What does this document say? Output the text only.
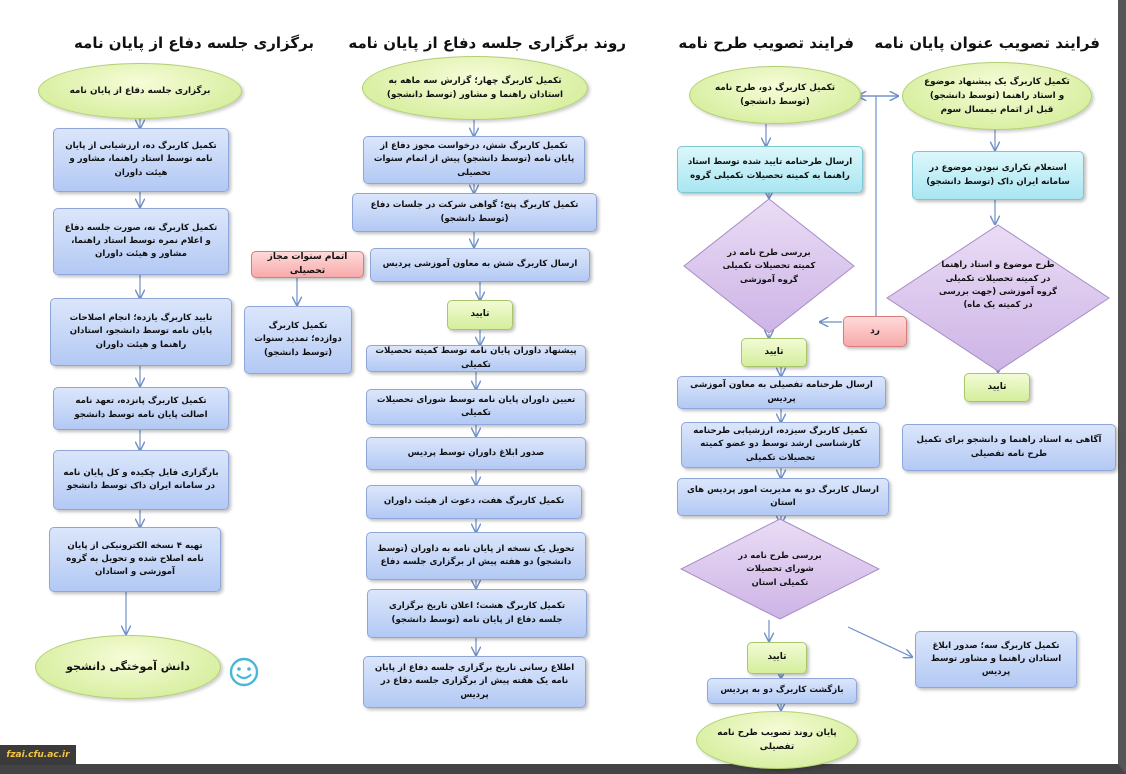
برگزاری جلسه دفاع از پایان نامه	روند برگزاری جلسه دفاع از پایان نامه	فرایند تصویب طرح نامه فرایند تصویب عنوان پایان نامه
برگزاری جلسه دفاع از پایان نامه
تکمیل کاربرگ ده، ارزشیابی از پایان نامه توسط استاد راهنما، مشاور و هیئت داوران
تکمیل کاربرگ نه، صورت جلسه دفاع و اعلام نمره توسط استاد راهنما، مشاور و هیئت داوران
تایید کاربرگ یازده؛ انجام اصلاحات پایان نامه توسط دانشجو، استادان راهنما و هیئت داوران
تکمیل کاربرگ پانزده، تعهد نامه اصالت پایان نامه توسط دانشجو
بارگزاری فایل چکیده و کل پایان نامه در سامانه ایران داک توسط دانشجو
تهیه ۴ نسخه الکترونیکی از پایان نامه اصلاح شده و تحویل به گروه آموزشی و استادان
دانش آموختگی دانشجو
تکمیل کاربرگ چهار؛ گزارش سه ماهه به استادان راهنما و مشاور (توسط دانشجو)
تکمیل کاربرگ شش، درخواست مجوز دفاع از پایان نامه (توسط دانشجو) پیش از اتمام سنوات تحصیلی
تکمیل کاربرگ پنج؛ گواهی شرکت در جلسات دفاع (توسط دانشجو)
ارسال کاربرگ شش به معاون آموزشی پردیس
تایید
پیشنهاد داوران پایان نامه توسط کمیته تحصیلات تکمیلی
تعیین داوران پایان نامه توسط شورای تحصیلات تکمیلی
صدور ابلاغ داوران توسط پردیس
تکمیل کاربرگ هفت، دعوت از هیئت داوران
تحویل یک نسخه از پایان نامه به داوران (توسط دانشجو) دو هفته پیش از برگزاری جلسه دفاع
تکمیل کاربرگ هشت؛ اعلان تاریخ برگزاری جلسه دفاع از پایان نامه (توسط دانشجو)
اطلاع رسانی تاریخ برگزاری جلسه دفاع از پایان نامه یک هفته پیش از برگزاری جلسه دفاع در پردیس
اتمام سنوات مجاز تحصیلی
تکمیل کاربرگ دوازده؛ تمدید سنوات (توسط دانشجو)
تکمیل کاربرگ دو، طرح نامه (توسط دانشجو)
ارسال طرحنامه تایید شده توسط استاد راهنما به کمیته تحصیلات تکمیلی گروه
بررسی طرح نامه در کمیته تحصیلات تکمیلی گروه آموزشی
تایید
ارسال طرحنامه تفصیلی به معاون آموزشی پردیس
تکمیل کاربرگ سیزده، ارزشیابی طرحنامه کارشناسی ارشد توسط دو عضو کمیته تحصیلات تکمیلی
ارسال کاربرگ دو به مدیریت امور پردیس های استان
بررسی طرح نامه در شورای تحصیلات تکمیلی استان
تایید
بازگشت کاربرگ دو به پردیس
تکمیل کاربرگ سه؛ صدور ابلاغ استادان راهنما و مشاور توسط پردیس
پایان روند تصویب طرح نامه تفصیلی
تکمیل کاربرگ یک پیشنهاد موضوع و استاد راهنما (توسط دانشجو) قبل از اتمام نیمسال سوم
استعلام تکراری نبودن موضوع در سامانه ایران داک (توسط دانشجو)
طرح موضوع و استاد راهنما در کمیته تحصیلات تکمیلی گروه آموزشی (جهت بررسی در کمیته یک ماه)
تایید
آگاهی به استاد راهنما و دانشجو برای تکمیل طرح نامه تفصیلی
رد
fzai.cfu.ac.ir
